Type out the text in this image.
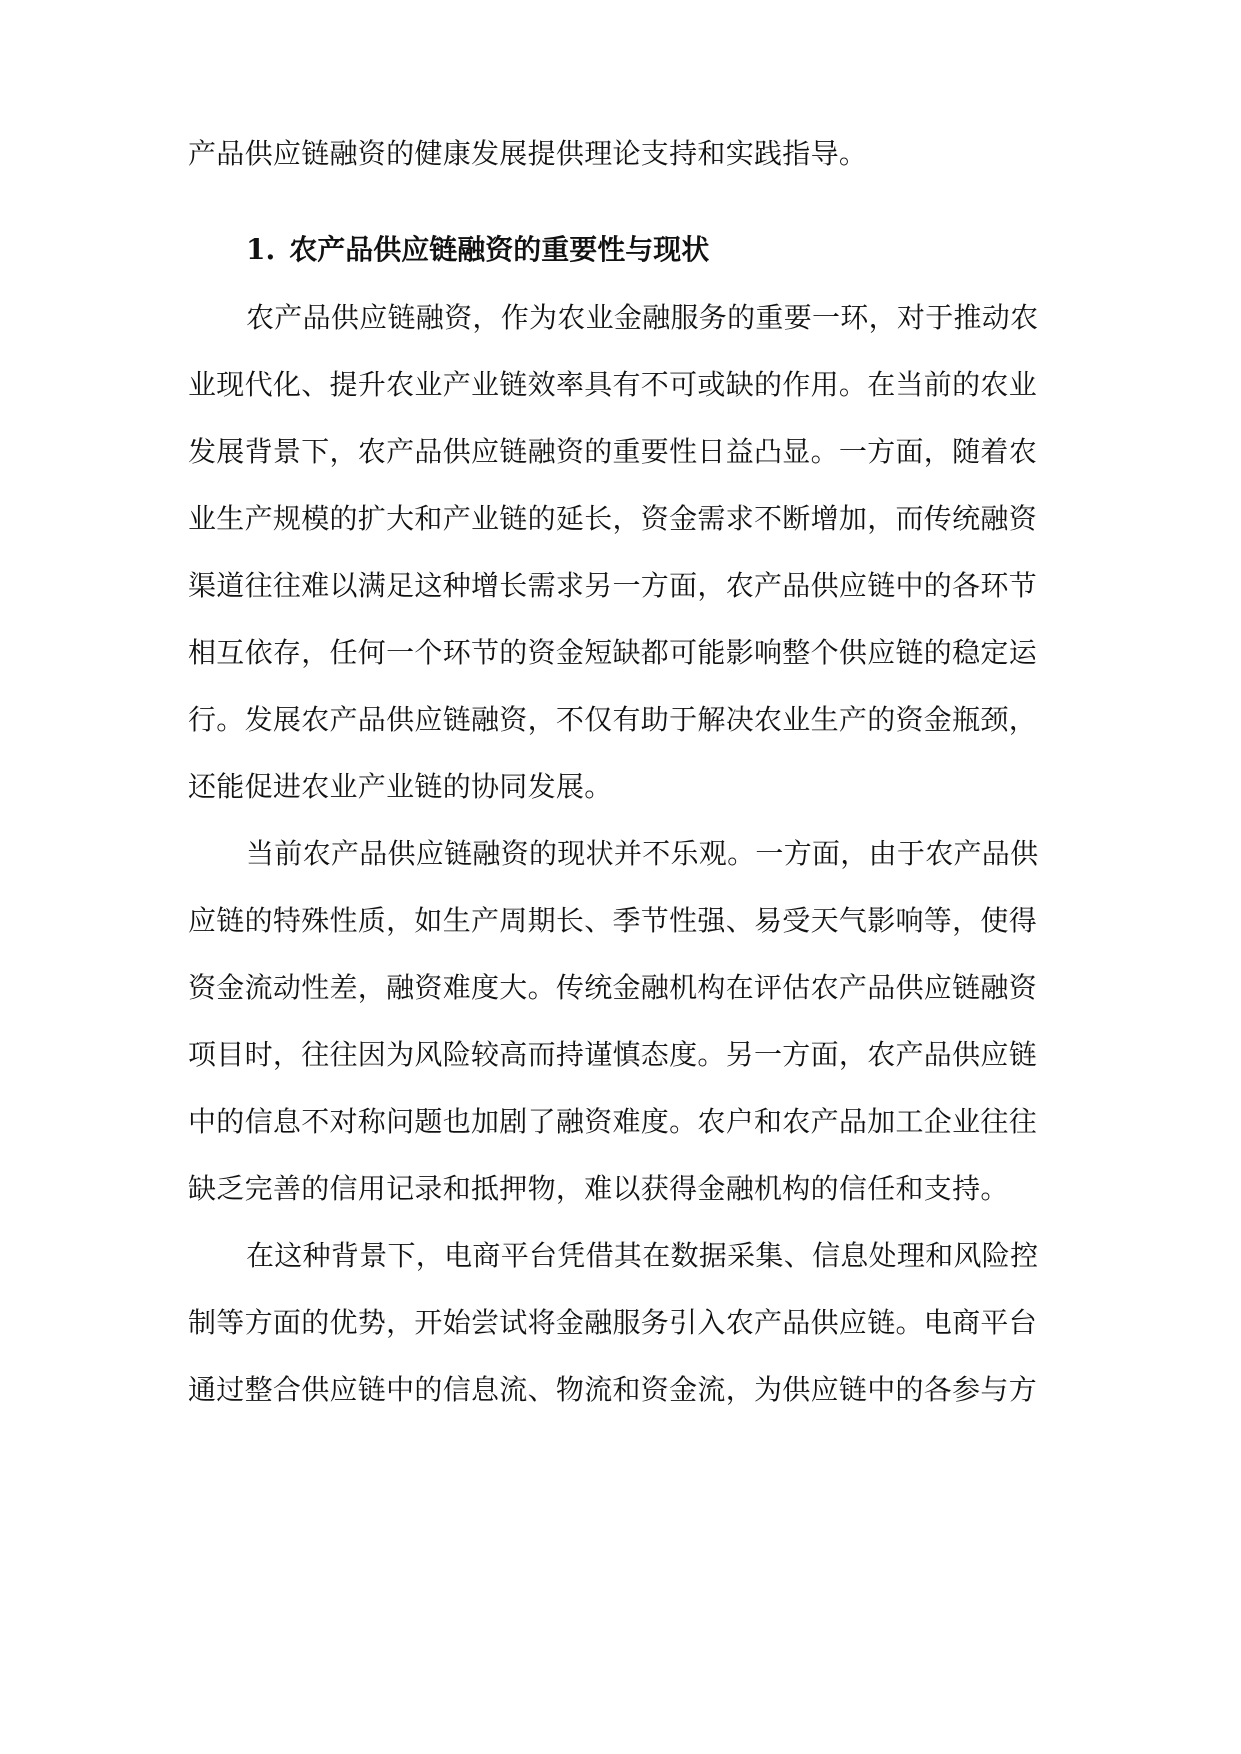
产品供应链融资的健康发展提供理论支持和实践指导。
1. 农产品供应链融资的重要性与现状
农产品供应链融资，作为农业金融服务的重要一环，对于推动农
业现代化、提升农业产业链效率具有不可或缺的作用。在当前的农业
发展背景下，农产品供应链融资的重要性日益凸显。一方面，随着农
业生产规模的扩大和产业链的延长，资金需求不断增加，而传统融资
渠道往往难以满足这种增长需求另一方面，农产品供应链中的各环节
相互依存，任何一个环节的资金短缺都可能影响整个供应链的稳定运
行。发展农产品供应链融资，不仅有助于解决农业生产的资金瓶颈，
还能促进农业产业链的协同发展。
当前农产品供应链融资的现状并不乐观。一方面，由于农产品供
应链的特殊性质，如生产周期长、季节性强、易受天气影响等，使得
资金流动性差，融资难度大。传统金融机构在评估农产品供应链融资
项目时，往往因为风险较高而持谨慎态度。另一方面，农产品供应链
中的信息不对称问题也加剧了融资难度。农户和农产品加工企业往往
缺乏完善的信用记录和抵押物，难以获得金融机构的信任和支持。
在这种背景下，电商平台凭借其在数据采集、信息处理和风险控
制等方面的优势，开始尝试将金融服务引入农产品供应链。电商平台
通过整合供应链中的信息流、物流和资金流，为供应链中的各参与方
